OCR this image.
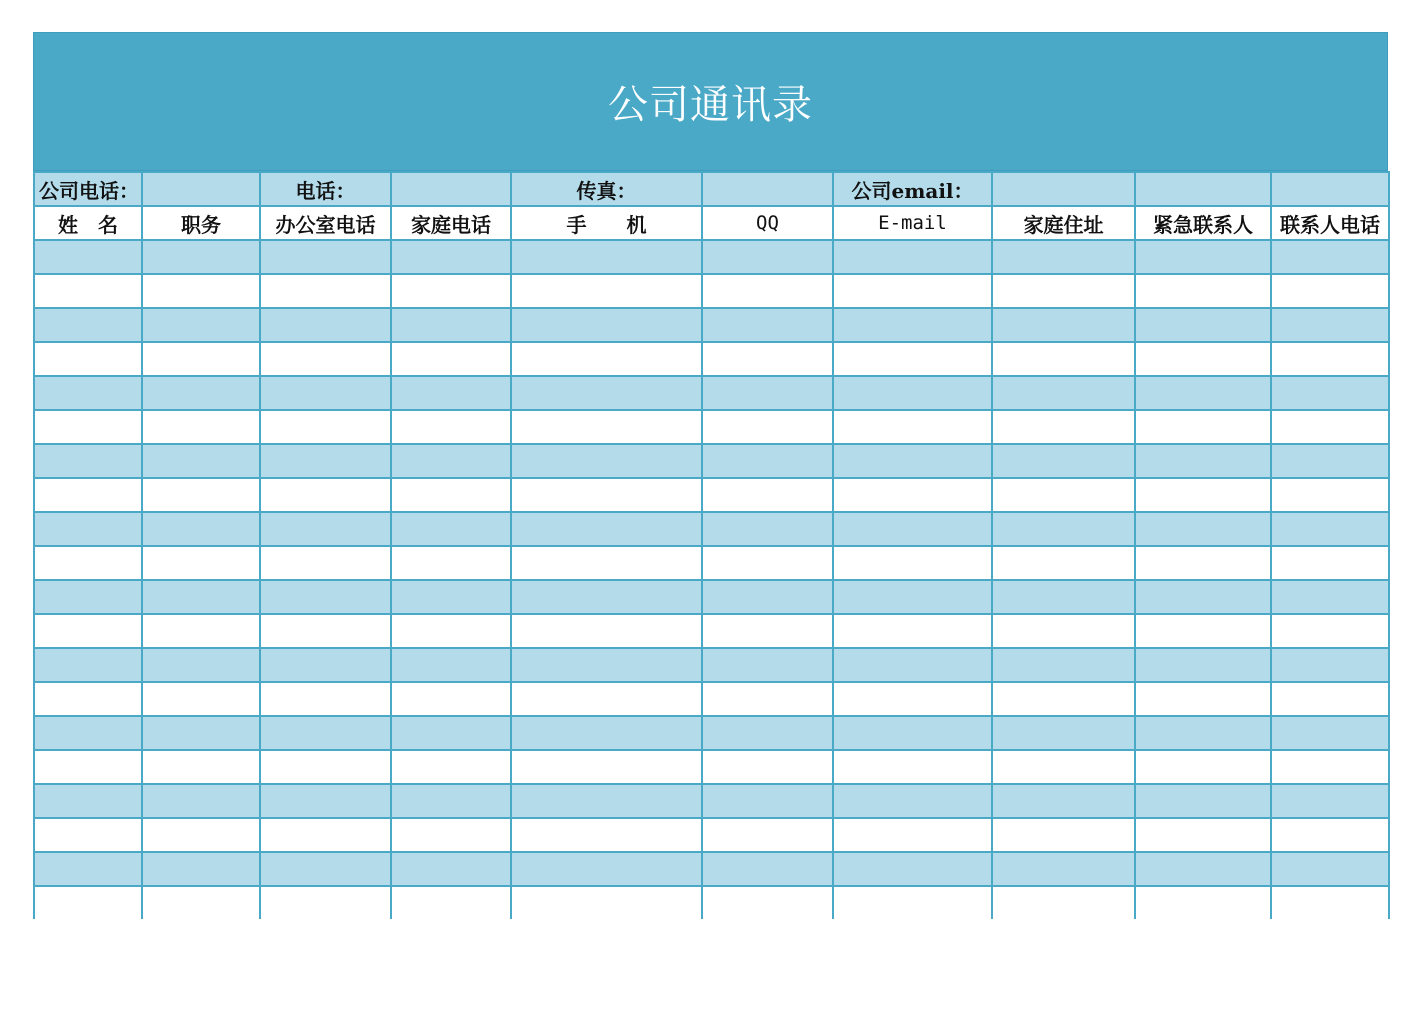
公司通讯录
公司电话：		电话：		传真：		公司email：			
姓　名	职务	办公室电话	家庭电话	手　　机	QQ	E-mail	家庭住址	紧急联系人	联系人电话
